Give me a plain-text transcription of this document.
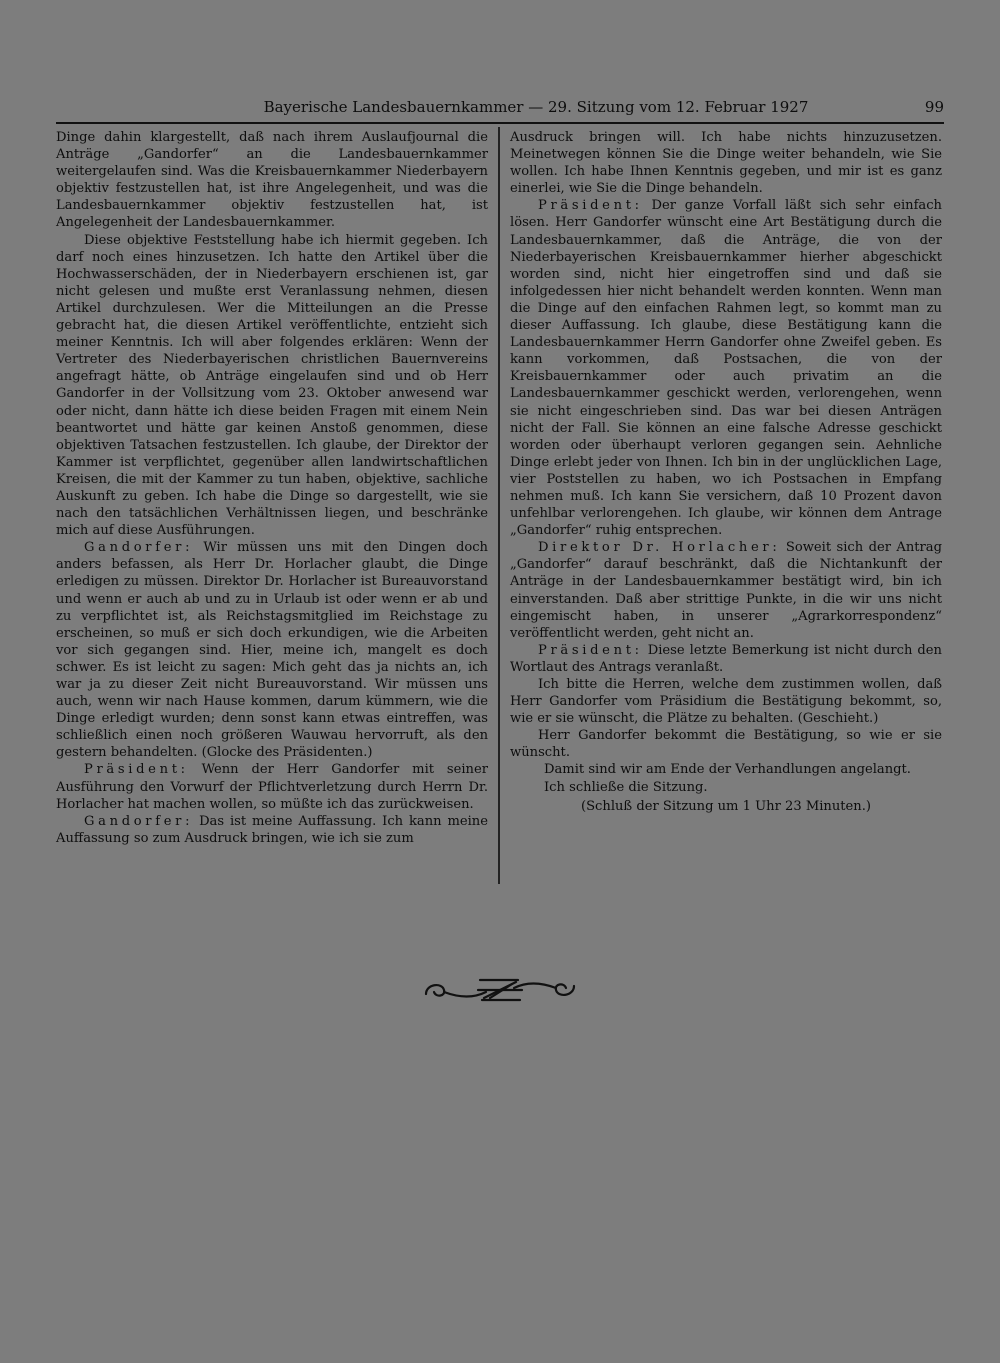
Bayerische Landesbauernkammer — 29. Sitzung vom 12. Februar 1927	99

Dinge dahin klargestellt, daß nach ihrem Auslaufjournal die Anträge „Gandorfer“ an die Landesbauernkammer weitergelaufen sind. Was die Kreisbauernkammer Niederbayern objektiv festzustellen hat, ist ihre Angelegenheit, und was die Landesbauernkammer objektiv festzustellen hat, ist Angelegenheit der Landesbauernkammer.

Diese objektive Feststellung habe ich hiermit gegeben. Ich darf noch eines hinzusetzen. Ich hatte den Artikel über die Hochwasserschäden, der in Niederbayern erschienen ist, gar nicht gelesen und mußte erst Veranlassung nehmen, diesen Artikel durchzulesen. Wer die Mitteilungen an die Presse gebracht hat, die diesen Artikel veröffentlichte, entzieht sich meiner Kenntnis. Ich will aber folgendes erklären: Wenn der Vertreter des Niederbayerischen christlichen Bauernvereins angefragt hätte, ob Anträge eingelaufen sind und ob Herr Gandorfer in der Vollsitzung vom 23. Oktober anwesend war oder nicht, dann hätte ich diese beiden Fragen mit einem Nein beantwortet und hätte gar keinen Anstoß genommen, diese objektiven Tatsachen festzustellen. Ich glaube, der Direktor der Kammer ist verpflichtet, gegenüber allen landwirtschaftlichen Kreisen, die mit der Kammer zu tun haben, objektive, sachliche Auskunft zu geben. Ich habe die Dinge so dargestellt, wie sie nach den tatsächlichen Verhältnissen liegen, und beschränke mich auf diese Ausführungen.

Gandorfer: Wir müssen uns mit den Dingen doch anders befassen, als Herr Dr. Horlacher glaubt, die Dinge erledigen zu müssen. Direktor Dr. Horlacher ist Bureauvorstand und wenn er auch ab und zu in Urlaub ist oder wenn er ab und zu verpflichtet ist, als Reichstagsmitglied im Reichstage zu erscheinen, so muß er sich doch erkundigen, wie die Arbeiten vor sich gegangen sind. Hier, meine ich, mangelt es doch schwer. Es ist leicht zu sagen: Mich geht das ja nichts an, ich war ja zu dieser Zeit nicht Bureauvorstand. Wir müssen uns auch, wenn wir nach Hause kommen, darum kümmern, wie die Dinge erledigt wurden; denn sonst kann etwas eintreffen, was schließlich einen noch größeren Wauwau hervorruft, als den gestern behandelten. (Glocke des Präsidenten.)

Präsident: Wenn der Herr Gandorfer mit seiner Ausführung den Vorwurf der Pflichtverletzung durch Herrn Dr. Horlacher hat machen wollen, so müßte ich das zurückweisen.

Gandorfer: Das ist meine Auffassung. Ich kann meine Auffassung so zum Ausdruck bringen, wie ich sie zum

Ausdruck bringen will. Ich habe nichts hinzuzusetzen. Meinetwegen können Sie die Dinge weiter behandeln, wie Sie wollen. Ich habe Ihnen Kenntnis gegeben, und mir ist es ganz einerlei, wie Sie die Dinge behandeln.

Präsident: Der ganze Vorfall läßt sich sehr einfach lösen. Herr Gandorfer wünscht eine Art Bestätigung durch die Landesbauernkammer, daß die Anträge, die von der Niederbayerischen Kreisbauernkammer hierher abgeschickt worden sind, nicht hier eingetroffen sind und daß sie infolgedessen hier nicht behandelt werden konnten. Wenn man die Dinge auf den einfachen Rahmen legt, so kommt man zu dieser Auffassung. Ich glaube, diese Bestätigung kann die Landesbauernkammer Herrn Gandorfer ohne Zweifel geben. Es kann vorkommen, daß Postsachen, die von der Kreisbauernkammer oder auch privatim an die Landesbauernkammer geschickt werden, verlorengehen, wenn sie nicht eingeschrieben sind. Das war bei diesen Anträgen nicht der Fall. Sie können an eine falsche Adresse geschickt worden oder überhaupt verloren gegangen sein. Aehnliche Dinge erlebt jeder von Ihnen. Ich bin in der unglücklichen Lage, vier Poststellen zu haben, wo ich Postsachen in Empfang nehmen muß. Ich kann Sie versichern, daß 10 Prozent davon unfehlbar verlorengehen. Ich glaube, wir können dem Antrage „Gandorfer“ ruhig entsprechen.

Direktor Dr. Horlacher: Soweit sich der Antrag „Gandorfer“ darauf beschränkt, daß die Nichtankunft der Anträge in der Landesbauernkammer bestätigt wird, bin ich einverstanden. Daß aber strittige Punkte, in die wir uns nicht eingemischt haben, in unserer „Agrarkorrespondenz“ veröffentlicht werden, geht nicht an.

Präsident: Diese letzte Bemerkung ist nicht durch den Wortlaut des Antrags veranlaßt.

Ich bitte die Herren, welche dem zustimmen wollen, daß Herr Gandorfer vom Präsidium die Bestätigung bekommt, so, wie er sie wünscht, die Plätze zu behalten. (Geschieht.)

Herr Gandorfer bekommt die Bestätigung, so wie er sie wünscht.

Damit sind wir am Ende der Verhandlungen angelangt.

Ich schließe die Sitzung.

(Schluß der Sitzung um 1 Uhr 23 Minuten.)
